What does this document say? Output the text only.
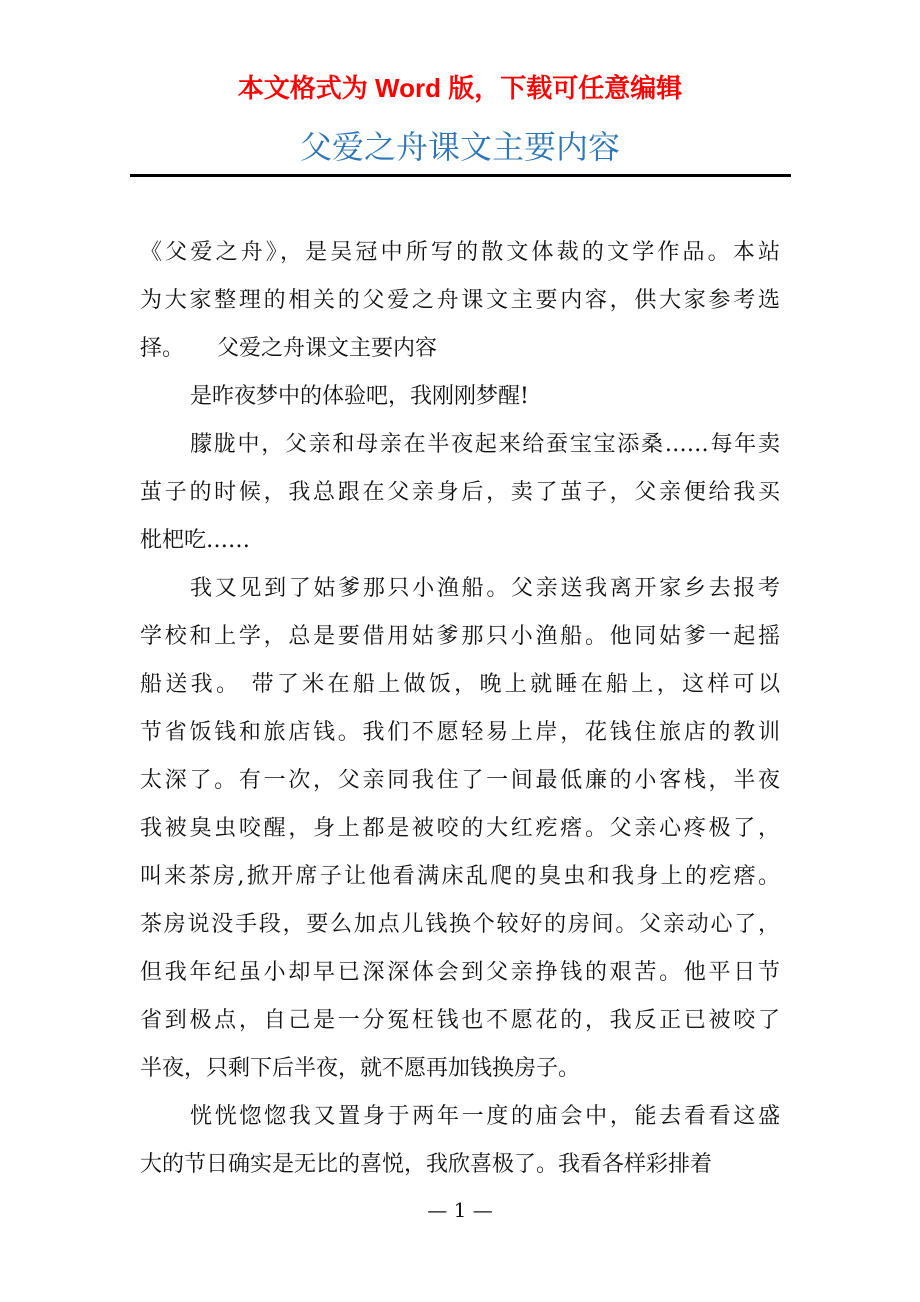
本文格式为 Word 版，下载可任意编辑
父爱之舟课文主要内容
《父爱之舟》，是吴冠中所写的散文体裁的文学作品。本站
为大家整理的相关的父爱之舟课文主要内容，供大家参考选
择。　　父爱之舟课文主要内容
是昨夜梦中的体验吧，我刚刚梦醒!
朦胧中，父亲和母亲在半夜起来给蚕宝宝添桑……每年卖
茧子的时候，我总跟在父亲身后，卖了茧子，父亲便给我买
枇杷吃……
我又见到了姑爹那只小渔船。父亲送我离开家乡去报考
学校和上学，总是要借用姑爹那只小渔船。他同姑爹一起摇
船送我。 带了米在船上做饭，晚上就睡在船上，这样可以
节省饭钱和旅店钱。我们不愿轻易上岸，花钱住旅店的教训
太深了。有一次，父亲同我住了一间最低廉的小客栈，半夜
我被臭虫咬醒，身上都是被咬的大红疙瘩。父亲心疼极了，
叫来茶房,掀开席子让他看满床乱爬的臭虫和我身上的疙瘩。
茶房说没手段，要么加点儿钱换个较好的房间。父亲动心了，
但我年纪虽小却早已深深体会到父亲挣钱的艰苦。他平日节
省到极点，自己是一分冤枉钱也不愿花的，我反正已被咬了
半夜，只剩下后半夜，就不愿再加钱换房子。
恍恍惚惚我又置身于两年一度的庙会中，能去看看这盛
大的节日确实是无比的喜悦，我欣喜极了。我看各样彩排着
— 1 —
